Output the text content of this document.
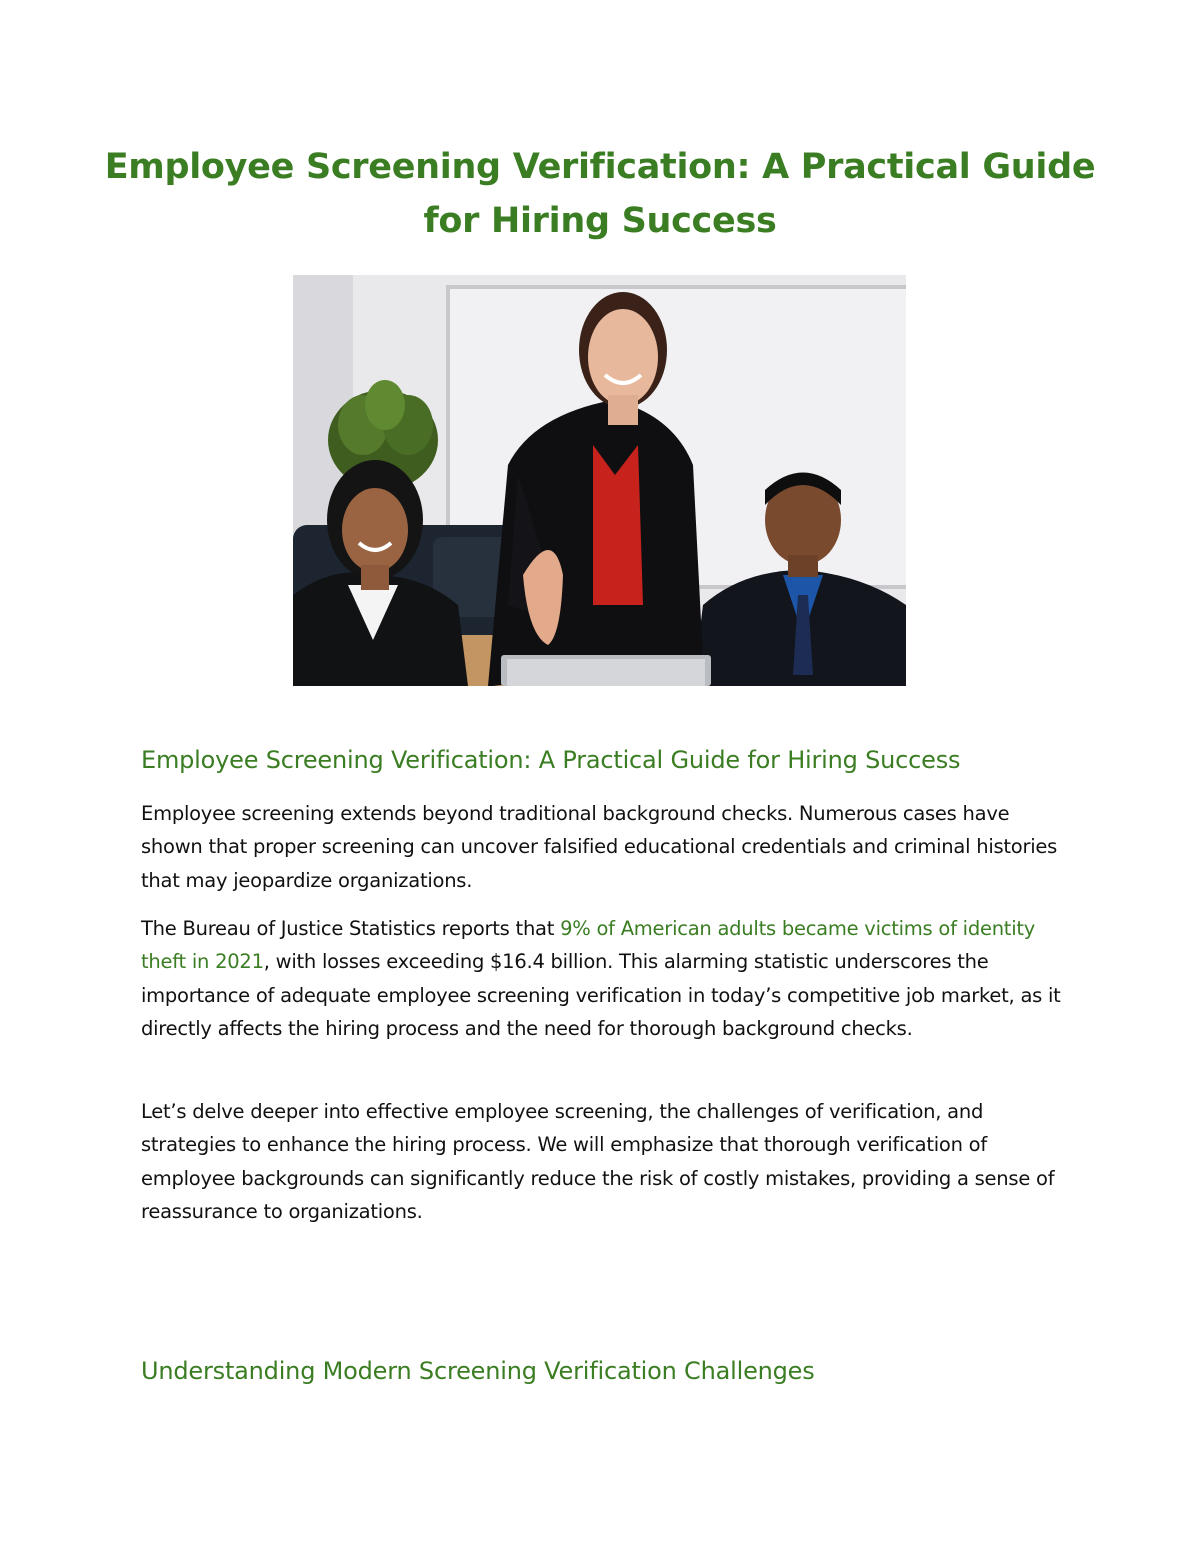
Employee Screening Verification: A Practical Guide for Hiring Success
Employee Screening Verification: A Practical Guide for Hiring Success

Employee screening extends beyond traditional background checks. Numerous cases have shown that proper screening can uncover falsified educational credentials and criminal histories that may jeopardize organizations.

The Bureau of Justice Statistics reports that 9% of American adults became victims of identity theft in 2021, with losses exceeding $16.4 billion. This alarming statistic underscores the importance of adequate employee screening verification in today’s competitive job market, as it directly affects the hiring process and the need for thorough background checks.

Let’s delve deeper into effective employee screening, the challenges of verification, and strategies to enhance the hiring process. We will emphasize that thorough verification of employee backgrounds can significantly reduce the risk of costly mistakes, providing a sense of reassurance to organizations.

Understanding Modern Screening Verification Challenges
